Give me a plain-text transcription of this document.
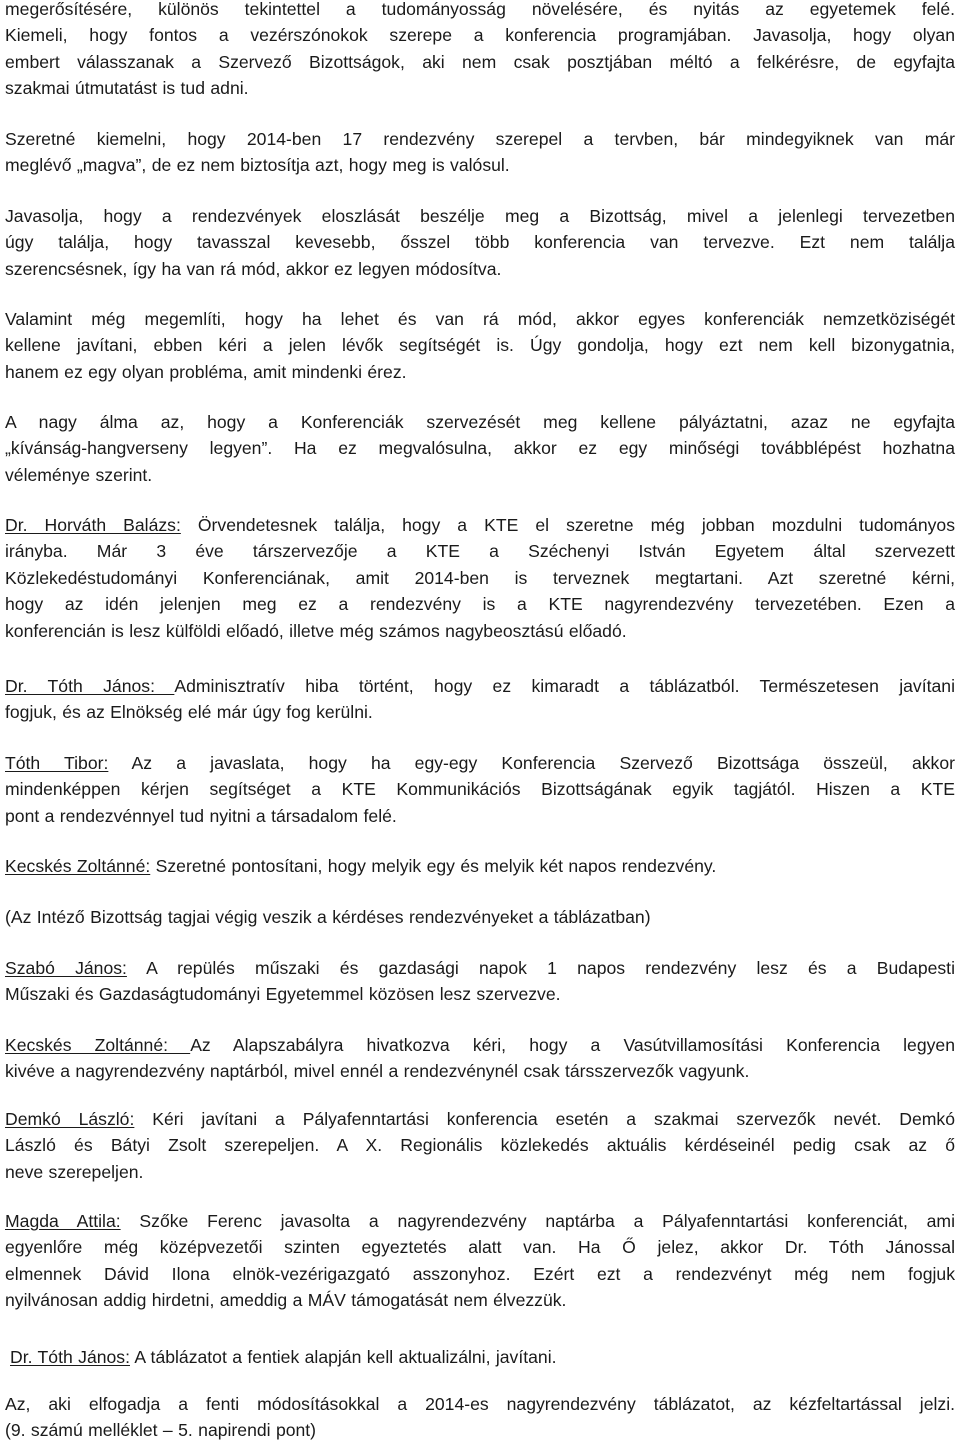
megerősítésére, különös tekintettel a tudományosság növelésére, és nyitás az egyetemek felé.
Kiemeli, hogy fontos a vezérszónokok szerepe a konferencia programjában. Javasolja, hogy olyan
embert válasszanak a Szervező Bizottságok, aki nem csak posztjában méltó a felkérésre, de egyfajta
szakmai útmutatást is tud adni.
Szeretné kiemelni, hogy 2014-ben 17 rendezvény szerepel a tervben, bár mindegyiknek van már
meglévő „magva”, de ez nem biztosítja azt, hogy meg is valósul.
Javasolja, hogy a rendezvények eloszlását beszélje meg a Bizottság, mivel a jelenlegi tervezetben
úgy találja, hogy tavasszal kevesebb, ősszel több konferencia van tervezve. Ezt nem találja
szerencsésnek, így ha van rá mód, akkor ez legyen módosítva.
Valamint még megemlíti, hogy ha lehet és van rá mód, akkor egyes konferenciák nemzetköziségét
kellene javítani, ebben kéri a jelen lévők segítségét is. Úgy gondolja, hogy ezt nem kell bizonygatnia,
hanem ez egy olyan probléma, amit mindenki érez.
A nagy álma az, hogy a Konferenciák szervezését meg kellene pályáztatni, azaz ne egyfajta
„kívánság-hangverseny legyen”. Ha ez megvalósulna, akkor ez egy minőségi továbblépést hozhatna
véleménye szerint.
Dr. Horváth Balázs: Örvendetesnek találja, hogy a KTE el szeretne még jobban mozdulni tudományos
irányba. Már 3 éve társzervezője a KTE a Széchenyi István Egyetem által szervezett
Közlekedéstudományi Konferenciának, amit 2014-ben is terveznek megtartani. Azt szeretné kérni,
hogy az idén jelenjen meg ez a rendezvény is a KTE nagyrendezvény tervezetében. Ezen a
konferencián is lesz külföldi előadó, illetve még számos nagybeosztású előadó.
Dr. Tóth János: Adminisztratív hiba történt, hogy ez kimaradt a táblázatból. Természetesen javítani
fogjuk, és az Elnökség elé már úgy fog kerülni.
Tóth Tibor: Az a javaslata, hogy ha egy-egy Konferencia Szervező Bizottsága összeül, akkor
mindenképpen kérjen segítséget a KTE Kommunikációs Bizottságának egyik tagjától. Hiszen a KTE
pont a rendezvénnyel tud nyitni a társadalom felé.
Kecskés Zoltánné: Szeretné pontosítani, hogy melyik egy és melyik két napos rendezvény.
(Az Intéző Bizottság tagjai végig veszik a kérdéses rendezvényeket a táblázatban)
Szabó János: A repülés műszaki és gazdasági napok 1 napos rendezvény lesz és a Budapesti
Műszaki és Gazdaságtudományi Egyetemmel közösen lesz szervezve.
Kecskés Zoltánné: Az Alapszabályra hivatkozva kéri, hogy a Vasútvillamosítási Konferencia legyen
kivéve a nagyrendezvény naptárból, mivel ennél a rendezvénynél csak társszervezők vagyunk.
Demkó László: Kéri javítani a Pályafenntartási konferencia esetén a szakmai szervezők nevét. Demkó
László és Bátyi Zsolt szerepeljen. A X. Regionális közlekedés aktuális kérdéseinél pedig csak az ő
neve szerepeljen.
Magda Attila: Szőke Ferenc javasolta a nagyrendezvény naptárba a Pályafenntartási konferenciát, ami
egyenlőre még középvezetői szinten egyeztetés alatt van. Ha Ő jelez, akkor Dr. Tóth Jánossal
elmennek Dávid Ilona elnök-vezérigazgató asszonyhoz. Ezért ezt a rendezvényt még nem fogjuk
nyilvánosan addig hirdetni, ameddig a MÁV támogatását nem élvezzük.
Dr. Tóth János: A táblázatot a fentiek alapján kell aktualizálni, javítani.
Az, aki elfogadja a fenti módosításokkal a 2014-es nagyrendezvény táblázatot, az kézfeltartással jelzi.
(9. számú melléklet – 5. napirendi pont)
